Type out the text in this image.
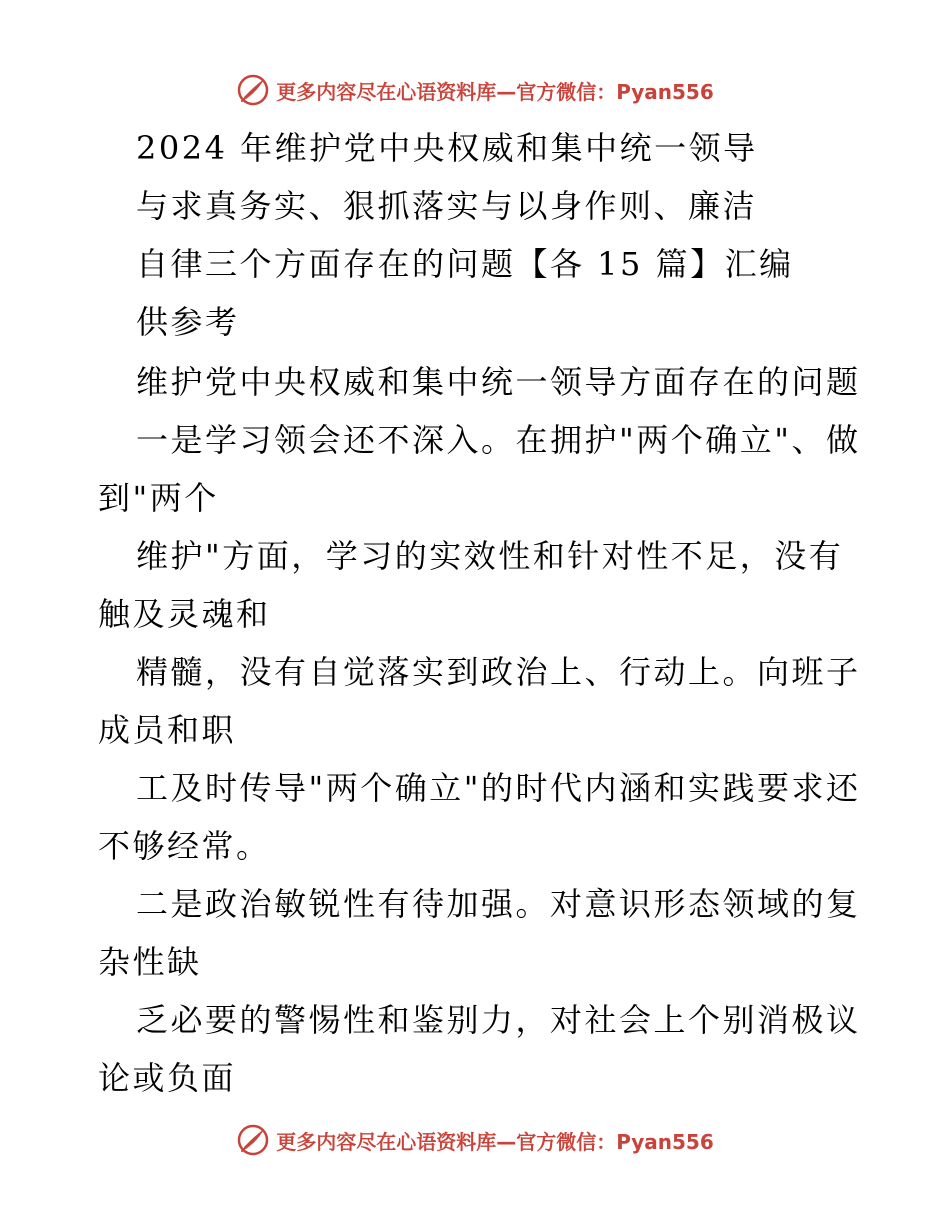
更多内容尽在心语资料库—官方微信：Pyan556
2024 年维护党中央权威和集中统一领导
与求真务实、狠抓落实与以身作则、廉洁
自律三个方面存在的问题【各 15 篇】汇编
供参考
维护党中央权威和集中统一领导方面存在的问题
一是学习领会还不深入。在拥护"两个确立"、做
到"两个
维护"方面，学习的实效性和针对性不足，没有
触及灵魂和
精髓，没有自觉落实到政治上、行动上。向班子
成员和职
工及时传导"两个确立"的时代内涵和实践要求还
不够经常。
二是政治敏锐性有待加强。对意识形态领域的复
杂性缺
乏必要的警惕性和鉴别力，对社会上个别消极议
论或负面
更多内容尽在心语资料库—官方微信：Pyan556
